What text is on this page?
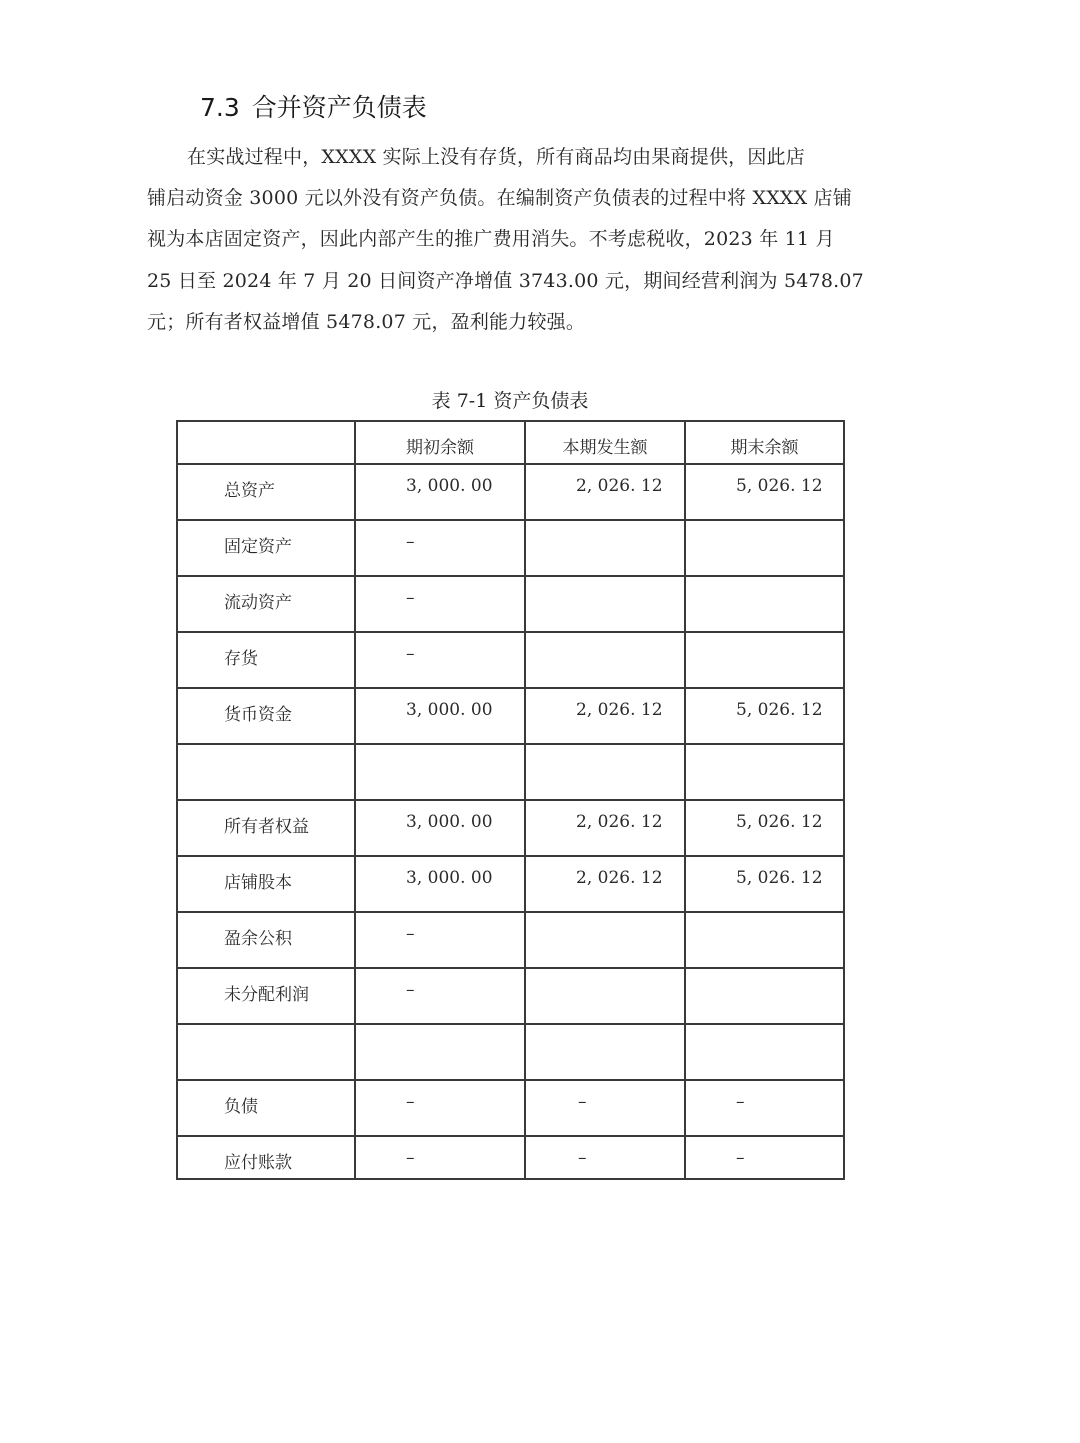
7.3 合并资产负债表
在实战过程中，XXXX 实际上没有存货，所有商品均由果商提供，因此店
铺启动资金 3000 元以外没有资产负债。在编制资产负债表的过程中将 XXXX 店铺
视为本店固定资产，因此内部产生的推广费用消失。不考虑税收，2023 年 11 月
25 日至 2024 年 7 月 20 日间资产净增值 3743.00 元，期间经营利润为 5478.07
元；所有者权益增值 5478.07 元，盈利能力较强。
表 7-1 资产负债表

	期初余额	本期发生额	期末余额

总资产	3, 000. 00	2, 026. 12	5, 026. 12

固定资产	–		

流动资产	–		

存货	–		

货币资金	3, 000. 00	2, 026. 12	5, 026. 12

所有者权益	3, 000. 00	2, 026. 12	5, 026. 12

店铺股本	3, 000. 00	2, 026. 12	5, 026. 12

盈余公积	–		

未分配利润	–		

负债	–	–	–

应付账款	–	–	–
